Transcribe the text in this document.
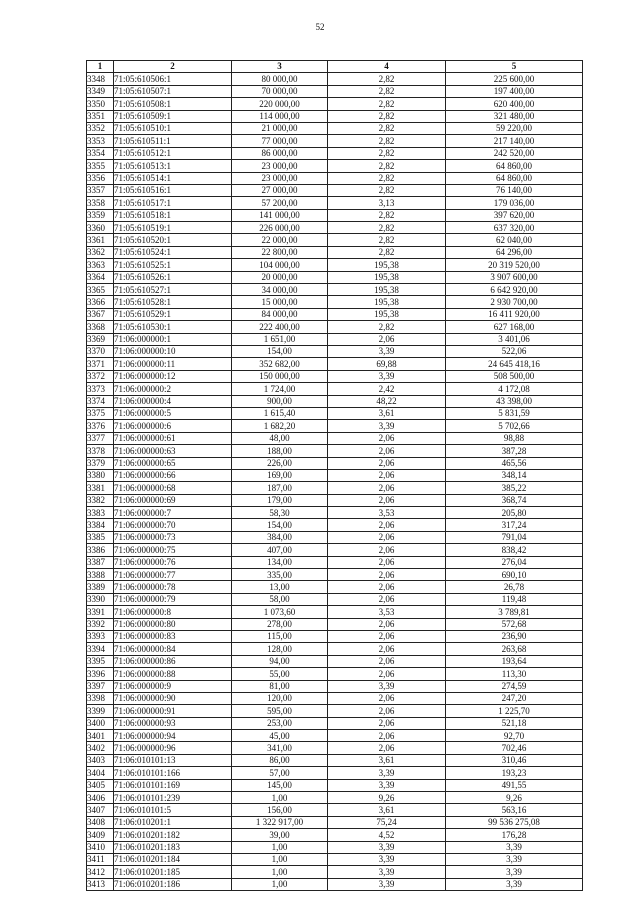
52
1	2	3	4	5
3348	71:05:610506:1	80 000,00	2,82	225 600,00
3349	71:05:610507:1	70 000,00	2,82	197 400,00
3350	71:05:610508:1	220 000,00	2,82	620 400,00
3351	71:05:610509:1	114 000,00	2,82	321 480,00
3352	71:05:610510:1	21 000,00	2,82	59 220,00
3353	71:05:610511:1	77 000,00	2,82	217 140,00
3354	71:05:610512:1	86 000,00	2,82	242 520,00
3355	71:05:610513:1	23 000,00	2,82	64 860,00
3356	71:05:610514:1	23 000,00	2,82	64 860,00
3357	71:05:610516:1	27 000,00	2,82	76 140,00
3358	71:05:610517:1	57 200,00	3,13	179 036,00
3359	71:05:610518:1	141 000,00	2,82	397 620,00
3360	71:05:610519:1	226 000,00	2,82	637 320,00
3361	71:05:610520:1	22 000,00	2,82	62 040,00
3362	71:05:610524:1	22 800,00	2,82	64 296,00
3363	71:05:610525:1	104 000,00	195,38	20 319 520,00
3364	71:05:610526:1	20 000,00	195,38	3 907 600,00
3365	71:05:610527:1	34 000,00	195,38	6 642 920,00
3366	71:05:610528:1	15 000,00	195,38	2 930 700,00
3367	71:05:610529:1	84 000,00	195,38	16 411 920,00
3368	71:05:610530:1	222 400,00	2,82	627 168,00
3369	71:06:000000:1	1 651,00	2,06	3 401,06
3370	71:06:000000:10	154,00	3,39	522,06
3371	71:06:000000:11	352 682,00	69,88	24 645 418,16
3372	71:06:000000:12	150 000,00	3,39	508 500,00
3373	71:06:000000:2	1 724,00	2,42	4 172,08
3374	71:06:000000:4	900,00	48,22	43 398,00
3375	71:06:000000:5	1 615,40	3,61	5 831,59
3376	71:06:000000:6	1 682,20	3,39	5 702,66
3377	71:06:000000:61	48,00	2,06	98,88
3378	71:06:000000:63	188,00	2,06	387,28
3379	71:06:000000:65	226,00	2,06	465,56
3380	71:06:000000:66	169,00	2,06	348,14
3381	71:06:000000:68	187,00	2,06	385,22
3382	71:06:000000:69	179,00	2,06	368,74
3383	71:06:000000:7	58,30	3,53	205,80
3384	71:06:000000:70	154,00	2,06	317,24
3385	71:06:000000:73	384,00	2,06	791,04
3386	71:06:000000:75	407,00	2,06	838,42
3387	71:06:000000:76	134,00	2,06	276,04
3388	71:06:000000:77	335,00	2,06	690,10
3389	71:06:000000:78	13,00	2,06	26,78
3390	71:06:000000:79	58,00	2,06	119,48
3391	71:06:000000:8	1 073,60	3,53	3 789,81
3392	71:06:000000:80	278,00	2,06	572,68
3393	71:06:000000:83	115,00	2,06	236,90
3394	71:06:000000:84	128,00	2,06	263,68
3395	71:06:000000:86	94,00	2,06	193,64
3396	71:06:000000:88	55,00	2,06	113,30
3397	71:06:000000:9	81,00	3,39	274,59
3398	71:06:000000:90	120,00	2,06	247,20
3399	71:06:000000:91	595,00	2,06	1 225,70
3400	71:06:000000:93	253,00	2,06	521,18
3401	71:06:000000:94	45,00	2,06	92,70
3402	71:06:000000:96	341,00	2,06	702,46
3403	71:06:010101:13	86,00	3,61	310,46
3404	71:06:010101:166	57,00	3,39	193,23
3405	71:06:010101:169	145,00	3,39	491,55
3406	71:06:010101:239	1,00	9,26	9,26
3407	71:06:010101:5	156,00	3,61	563,16
3408	71:06:010201:1	1 322 917,00	75,24	99 536 275,08
3409	71:06:010201:182	39,00	4,52	176,28
3410	71:06:010201:183	1,00	3,39	3,39
3411	71:06:010201:184	1,00	3,39	3,39
3412	71:06:010201:185	1,00	3,39	3,39
3413	71:06:010201:186	1,00	3,39	3,39
